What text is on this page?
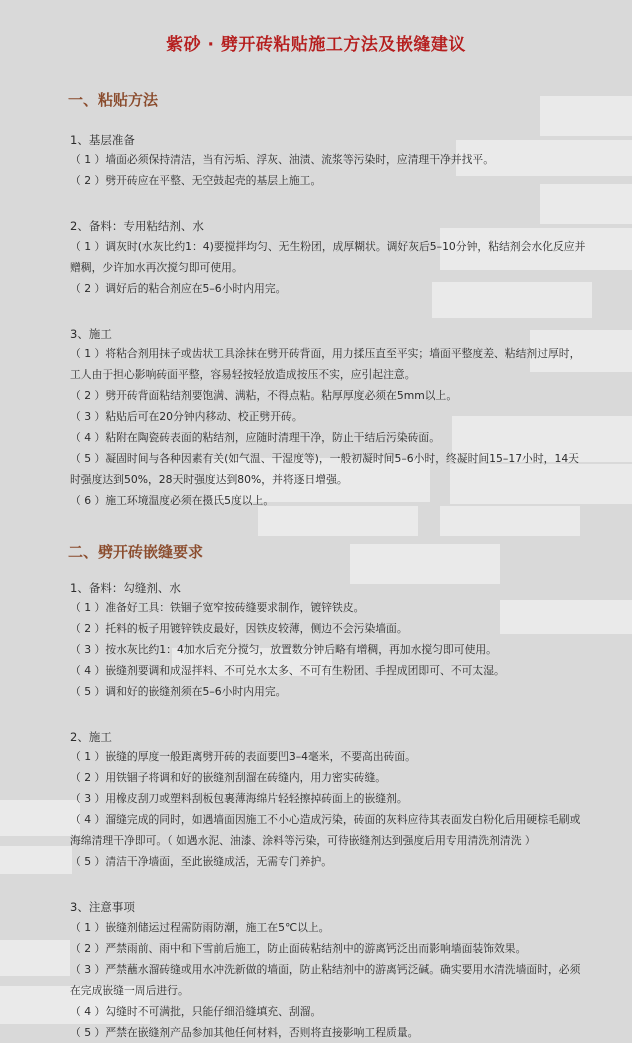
紫砂 · 劈开砖粘贴施工方法及嵌缝建议
一、粘贴方法
1、基层准备

（ 1 ）墙面必须保持清洁，当有污垢、浮灰、油渍、流浆等污染时，应清理干净并找平。

（ 2 ）劈开砖应在平整、无空鼓起壳的基层上施工。

2、备料：专用粘结剂、水

（ 1 ）调灰时(水灰比约1：4)要搅拌均匀、无生粉团，成厚糊状。调好灰后5–10分钟，粘结剂会水化反应并赠稠，少许加水再次搅匀即可使用。

（ 2 ）调好后的粘合剂应在5–6小时内用完。

3、施工

（ 1 ）将粘合剂用抹子或齿状工具涂抹在劈开砖背面，用力揉压直至平实；墙面平整度差、粘结剂过厚时，工人由于担心影响砖面平整，容易轻按轻放造成按压不实，应引起注意。

（ 2 ）劈开砖背面粘结剂要饱满、满粘，不得点粘。粘厚厚度必须在5mm以上。

（ 3 ）粘贴后可在20分钟内移动、校正劈开砖。

（ 4 ）粘附在陶瓷砖表面的粘结剂，应随时清理干净，防止干结后污染砖面。

（ 5 ）凝固时间与各种因素有关(如气温、干湿度等)，一般初凝时间5–6小时，终凝时间15–17小时，14天时强度达到50%，28天时强度达到80%，并将逐日增强。

（ 6 ）施工环境温度必须在摄氏5度以上。

二、劈开砖嵌缝要求
1、备料：勾缝剂、水

（ 1 ）准备好工具：铁锢子宽窄按砖缝要求制作，镀锌铁皮。

（ 2 ）托料的板子用镀锌铁皮最好，因铁皮较薄，侧边不会污染墙面。

（ 3 ）按水灰比约1：4加水后充分搅匀，放置数分钟后略有增稠，再加水搅匀即可使用。

（ 4 ）嵌缝剂要调和成湿拌料、不可兑水太多、不可有生粉团、手捏成团即可、不可太湿。

（ 5 ）调和好的嵌缝剂须在5–6小时内用完。

2、施工

（ 1 ）嵌缝的厚度一般距离劈开砖的表面要凹3–4毫米，不要高出砖面。

（ 2 ）用铁锢子将调和好的嵌缝剂刮溜在砖缝内，用力密实砖缝。

（ 3 ）用橡皮刮刀或塑料刮板包裹薄海绵片轻轻擦掉砖面上的嵌缝剂。

（ 4 ）溜缝完成的同时，如遇墙面因施工不小心造成污染，砖面的灰料应待其表面发白粉化后用硬棕毛刷或海绵清理干净即可。（ 如遇水泥、油漆、涂料等污染，可待嵌缝剂达到强度后用专用清洗剂清洗 ）

（ 5 ）清洁干净墙面，至此嵌缝成活，无需专门养护。

3、注意事项

（ 1 ）嵌缝剂储运过程需防雨防潮，施工在5℃以上。

（ 2 ）严禁雨前、雨中和下雪前后施工，防止面砖粘结剂中的游离钙泛出而影响墙面装饰效果。

（ 3 ）严禁蘸水溜砖缝或用水冲洗新做的墙面，防止粘结剂中的游离钙泛碱。确实要用水清洗墙面时，必须在完成嵌缝一周后进行。

（ 4 ）勾缝时不可满批，只能仔细沿缝填充、刮溜。

（ 5 ）严禁在嵌缝剂产品参加其他任何材料，否则将直接影响工程质量。
